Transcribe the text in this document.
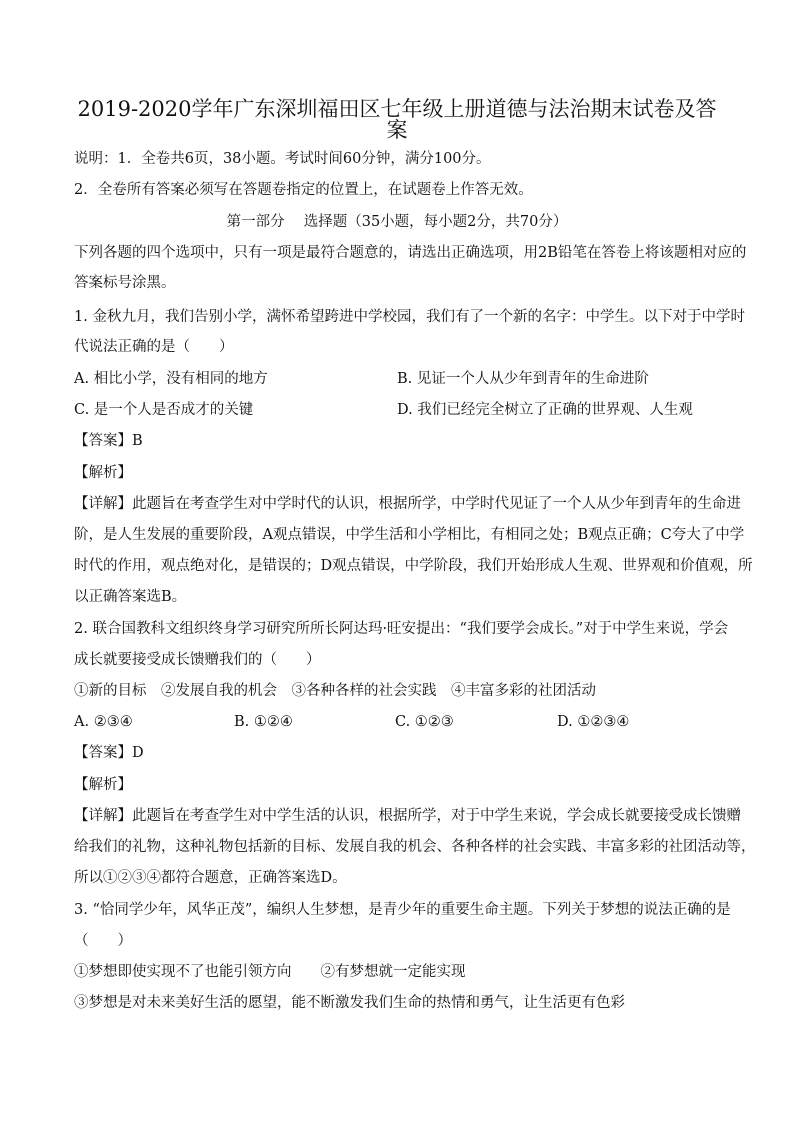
2019-2020学年广东深圳福田区七年级上册道德与法治期末试卷及答
案
说明：1．全卷共6页，38小题。考试时间60分钟，满分100分。
2．全卷所有答案必须写在答题卷指定的位置上，在试题卷上作答无效。
第一部分　 选择题（35小题，每小题2分，共70分）
下列各题的四个选项中，只有一项是最符合题意的，请选出正确选项，用2B铅笔在答卷上将该题相对应的
答案标号涂黑。
1. 金秋九月，我们告别小学，满怀希望跨进中学校园，我们有了一个新的名字：中学生。以下对于中学时
代说法正确的是（　　）
A. 相比小学，没有相同的地方	B. 见证一个人从少年到青年的生命进阶
C. 是一个人是否成才的关键	D. 我们已经完全树立了正确的世界观、人生观
【答案】B
【解析】
【详解】此题旨在考查学生对中学时代的认识，根据所学，中学时代见证了一个人从少年到青年的生命进
阶，是人生发展的重要阶段，A观点错误，中学生活和小学相比，有相同之处；B观点正确；C夸大了中学
时代的作用，观点绝对化，是错误的；D观点错误，中学阶段，我们开始形成人生观、世界观和价值观，所
以正确答案选B。
2. 联合国教科文组织终身学习研究所所长阿达玛·旺安提出：“我们要学会成长。”对于中学生来说，学会
成长就要接受成长馈赠我们的（　　）
①新的目标　②发展自我的机会　③各种各样的社会实践　④丰富多彩的社团活动
A. ②③④	B. ①②④	C. ①②③	D. ①②③④
【答案】D
【解析】
【详解】此题旨在考查学生对中学生活的认识，根据所学，对于中学生来说，学会成长就要接受成长馈赠
给我们的礼物，这种礼物包括新的目标、发展自我的机会、各种各样的社会实践、丰富多彩的社团活动等，
所以①②③④都符合题意，正确答案选D。
3. “恰同学少年，风华正茂”，编织人生梦想，是青少年的重要生命主题。下列关于梦想的说法正确的是
（　　）
①梦想即使实现不了也能引领方向　　②有梦想就一定能实现
③梦想是对未来美好生活的愿望，能不断激发我们生命的热情和勇气，让生活更有色彩
